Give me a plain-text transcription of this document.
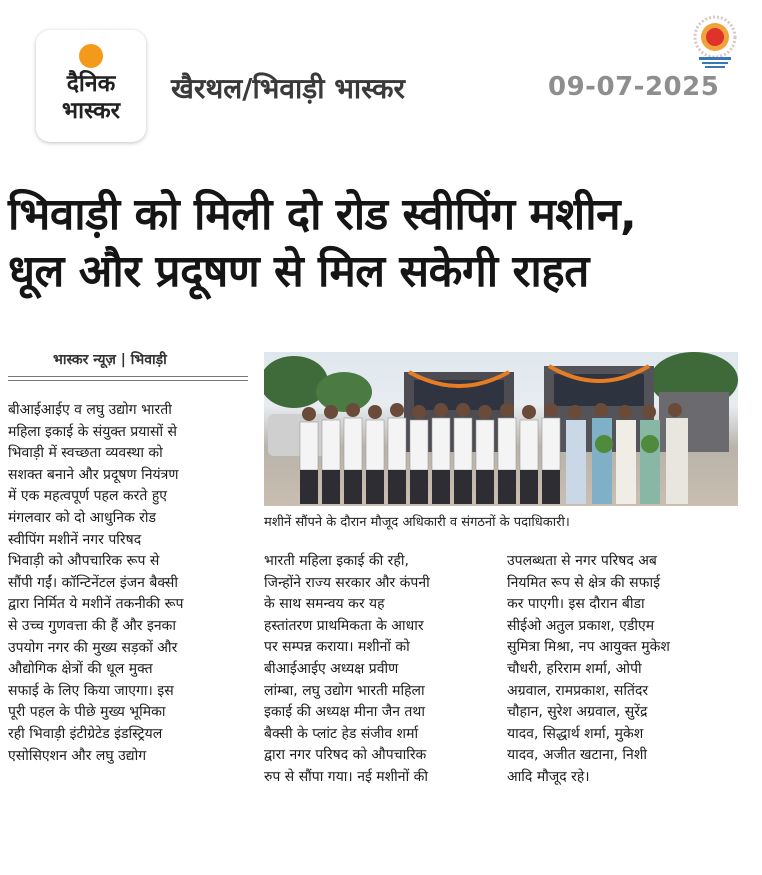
दैनिक
भास्कर
खैरथल/भिवाड़ी भास्कर	09-07-2025
भिवाड़ी को मिली दो रोड स्वीपिंग मशीन,
धूल और प्रदूषण से मिल सकेगी राहत
भास्कर न्यूज़ | भिवाड़ी
मशीनें सौंपने के दौरान मौजूद अधिकारी व संगठनों के पदाधिकारी।

बीआईआईए व लघु उद्योग भारती

महिला इकाई के संयुक्त प्रयासों से

भिवाड़ी में स्वच्छता व्यवस्था को

सशक्त बनाने और प्रदूषण नियंत्रण

में एक महत्वपूर्ण पहल करते हुए

मंगलवार को दो आधुनिक रोड

स्वीपिंग मशीनें नगर परिषद

भिवाड़ी को औपचारिक रूप से

सौंपी गईं। कॉन्टिनेंटल इंजन बैक्सी

द्वारा निर्मित ये मशीनें तकनीकी रूप

से उच्च गुणवत्ता की हैं और इनका

उपयोग नगर की मुख्य सड़कों और

औद्योगिक क्षेत्रों की धूल मुक्त

सफाई के लिए किया जाएगा। इस

पूरी पहल के पीछे मुख्य भूमिका

रही भिवाड़ी इंटीग्रेटेड इंडस्ट्रियल

एसोसिएशन और लघु उद्योग

भारती महिला इकाई की रही,

जिन्होंने राज्य सरकार और कंपनी

के साथ समन्वय कर यह

हस्तांतरण प्राथमिकता के आधार

पर सम्पन्न कराया। मशीनों को

बीआईआईए अध्यक्ष प्रवीण

लांम्बा, लघु उद्योग भारती महिला

इकाई की अध्यक्ष मीना जैन तथा

बैक्सी के प्लांट हेड संजीव शर्मा

द्वारा नगर परिषद को औपचारिक

रुप से सौंपा गया। नई मशीनों की

उपलब्धता से नगर परिषद अब

नियमित रूप से क्षेत्र की सफाई

कर पाएगी। इस दौरान बीडा

सीईओ अतुल प्रकाश, एडीएम

सुमित्रा मिश्रा, नप आयुक्त मुकेश

चौधरी, हरिराम शर्मा, ओपी

अग्रवाल, रामप्रकाश, सतिंदर

चौहान, सुरेश अग्रवाल, सुरेंद्र

यादव, सिद्धार्थ शर्मा, मुकेश

यादव, अजीत खटाना, निशी

आदि मौजूद रहे।
